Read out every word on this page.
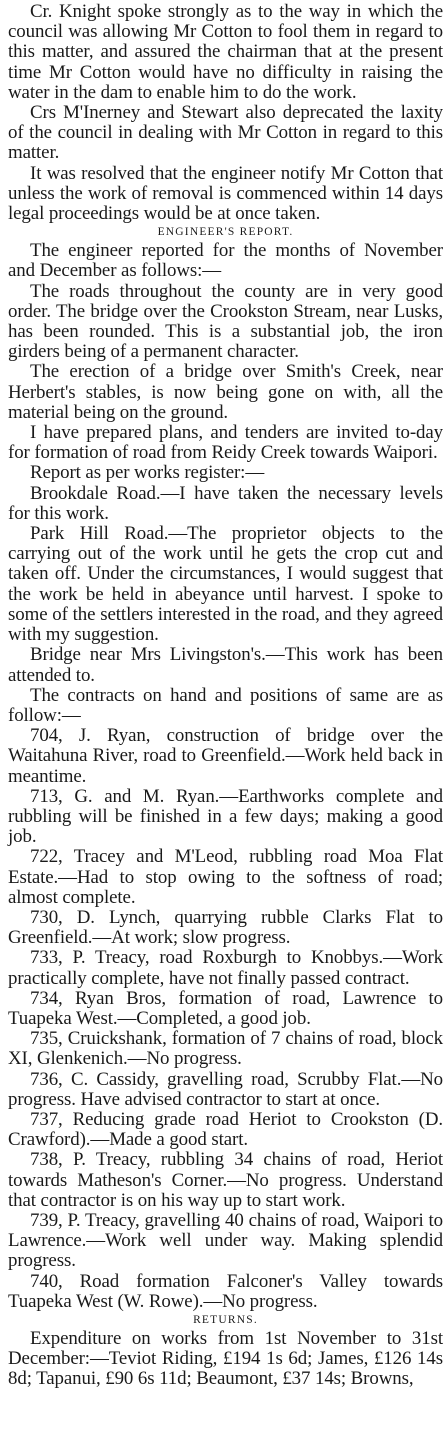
Cr. Knight spoke strongly as to the way in which the council was allowing Mr Cotton to fool them in regard to this matter, and assured the chairman that at the present time Mr Cotton would have no difficulty in raising the water in the dam to enable him to do the work.

Crs M'Inerney and Stewart also deprecated the laxity of the council in dealing with Mr Cotton in regard to this matter.

It was resolved that the engineer notify Mr Cotton that unless the work of removal is commenced within 14 days legal proceedings would be at once taken.

ENGINEER'S REPORT.

The engineer reported for the months of November and December as follows:—

The roads throughout the county are in very good order. The bridge over the Crookston Stream, near Lusks, has been rounded. This is a substantial job, the iron girders being of a permanent character.

The erection of a bridge over Smith's Creek, near Herbert's stables, is now being gone on with, all the material being on the ground.

I have prepared plans, and tenders are invited to-day for formation of road from Reidy Creek towards Waipori.

Report as per works register:—

Brookdale Road.—I have taken the necessary levels for this work.

Park Hill Road.—The proprietor objects to the carrying out of the work until he gets the crop cut and taken off. Under the circumstances, I would suggest that the work be held in abeyance until harvest. I spoke to some of the settlers interested in the road, and they agreed with my suggestion.

Bridge near Mrs Livingston's.—This work has been attended to.

The contracts on hand and positions of same are as follow:—

704, J. Ryan, construction of bridge over the Waitahuna River, road to Greenfield.—Work held back in meantime.

713, G. and M. Ryan.—Earthworks complete and rubbling will be finished in a few days; making a good job.

722, Tracey and M'Leod, rubbling road Moa Flat Estate.—Had to stop owing to the softness of road; almost complete.

730, D. Lynch, quarrying rubble Clarks Flat to Greenfield.—At work; slow progress.

733, P. Treacy, road Roxburgh to Knobbys.—Work practically complete, have not finally passed contract.

734, Ryan Bros, formation of road, Lawrence to Tuapeka West.—Completed, a good job.

735, Cruickshank, formation of 7 chains of road, block XI, Glenkenich.—No progress.

736, C. Cassidy, gravelling road, Scrubby Flat.—No progress. Have advised contractor to start at once.

737, Reducing grade road Heriot to Crookston (D. Crawford).—Made a good start.

738, P. Treacy, rubbling 34 chains of road, Heriot towards Matheson's Corner.—No progress. Understand that contractor is on his way up to start work.

739, P. Treacy, gravelling 40 chains of road, Waipori to Lawrence.—Work well under way. Making splendid progress.

740, Road formation Falconer's Valley towards Tuapeka West (W. Rowe).—No progress.

RETURNS.

Expenditure on works from 1st November to 31st December:—Teviot Riding, £194 1s 6d; James, £126 14s 8d; Tapanui, £90 6s 11d; Beaumont, £37 14s; Browns,
